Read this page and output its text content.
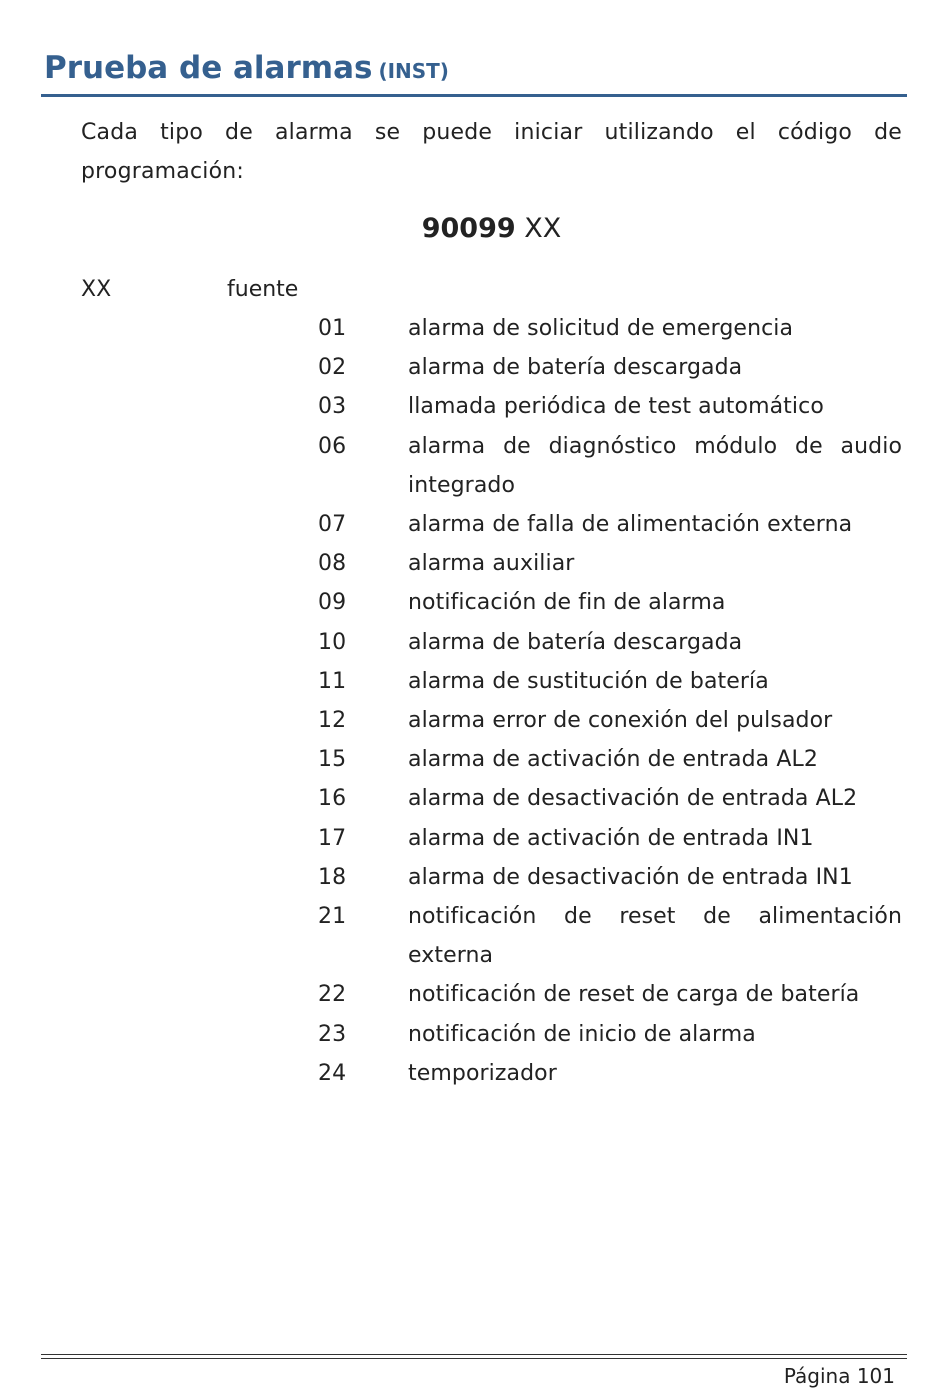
Prueba de alarmas (INST)

Cada tipo de alarma se puede iniciar utilizando el código de programación:

90099 XX
XX	fuente
01	alarma de solicitud de emergencia
02	alarma de batería descargada
03	llamada periódica de test automático
06	alarma de diagnóstico módulo de audio integrado
07	alarma de falla de alimentación externa
08	alarma auxiliar
09	notificación de fin de alarma
10	alarma de batería descargada
11	alarma de sustitución de batería
12	alarma error de conexión del pulsador
15	alarma de activación de entrada AL2
16	alarma de desactivación de entrada AL2
17	alarma de activación de entrada IN1
18	alarma de desactivación de entrada IN1
21	notificación de reset de alimentación externa
22	notificación de reset de carga de batería
23	notificación de inicio de alarma
24	temporizador
Página 101
